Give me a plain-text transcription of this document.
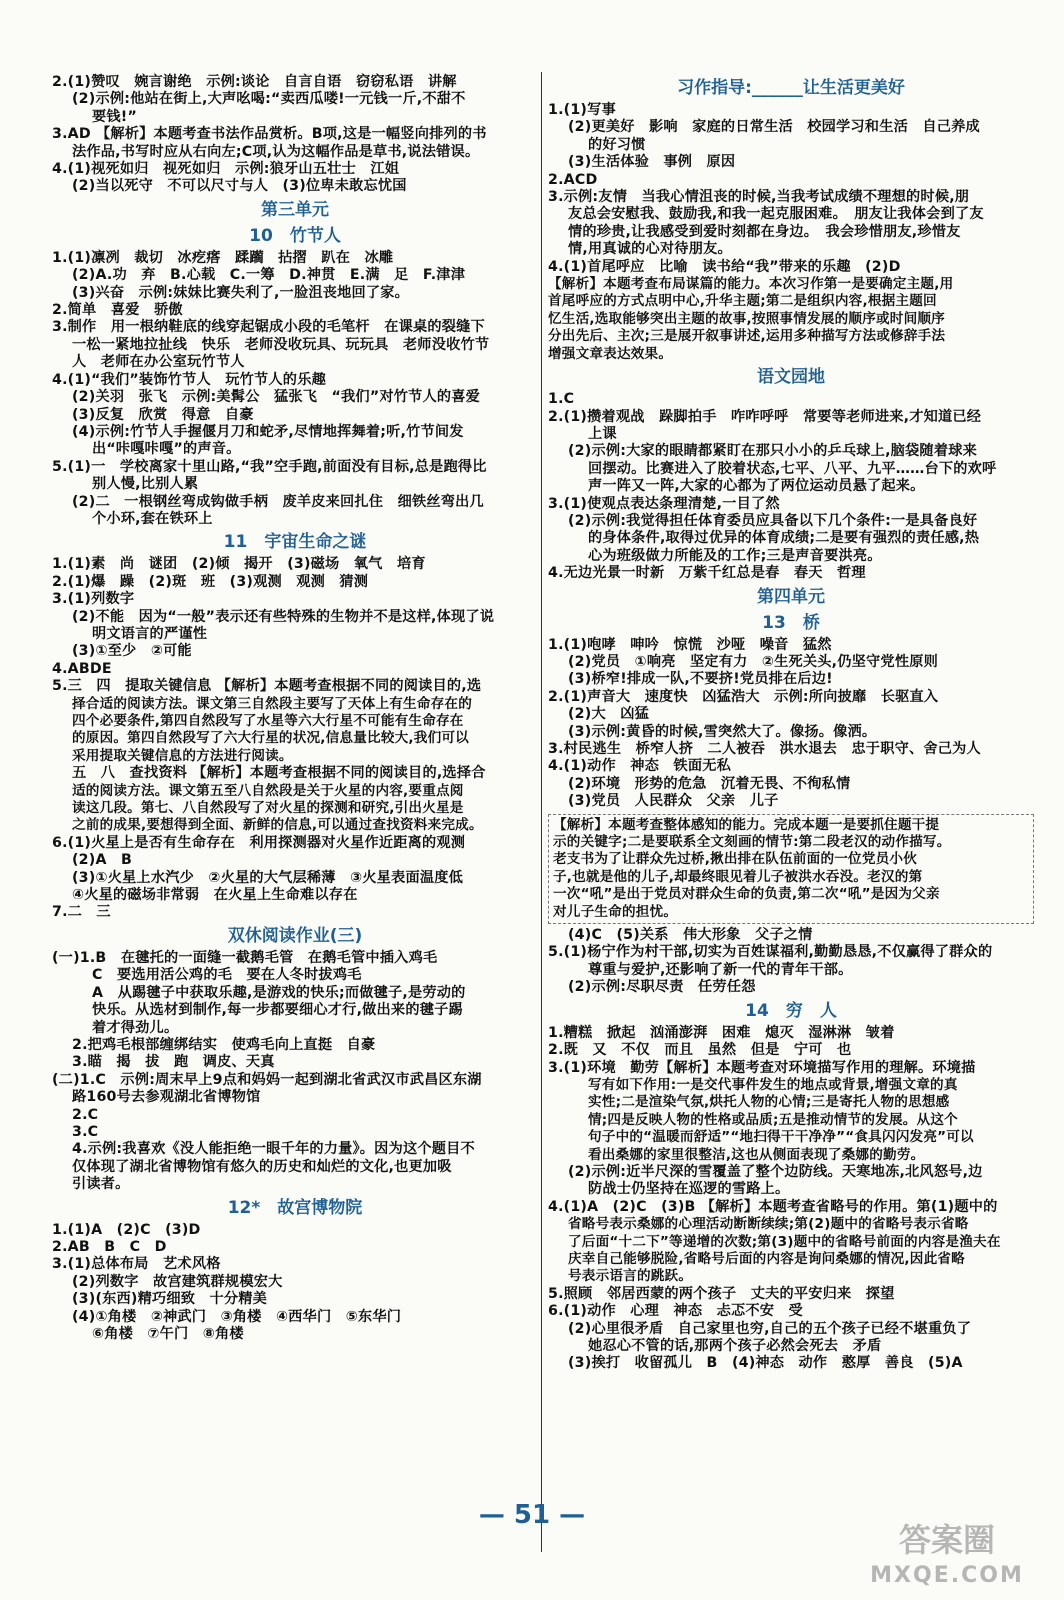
2.(1)赞叹　婉言谢绝　示例:谈论　自言自语　窃窃私语　讲解
(2)示例:他站在街上,大声吆喝:“卖西瓜喽!一元钱一斤,不甜不
要钱!”
3.AD 【解析】本题考查书法作品赏析。B项,这是一幅竖向排列的书
法作品,书写时应从右向左;C项,认为这幅作品是草书,说法错误。
4.(1)视死如归　视死如归　示例:狼牙山五壮士　江姐
(2)当以死守　不可以尺寸与人　(3)位卑未敢忘忧国
第三单元
10　竹节人
1.(1)凛冽　裁切　冰疙瘩　蹂躏　拈摺　趴在　冰雕
(2)A.功　弃　B.心载　C.一筹　D.神贯　E.满　足　F.津津
(3)兴奋　示例:妹妹比赛失利了,一脸沮丧地回了家。
2.简单　喜爱　骄傲
3.制作　用一根纳鞋底的线穿起锯成小段的毛笔杆　在课桌的裂缝下
一松一紧地拉扯线　快乐　老师没收玩具、玩玩具　老师没收竹节
人　老师在办公室玩竹节人
4.(1)“我们”装饰竹节人　玩竹节人的乐趣
(2)关羽　张飞　示例:美髯公　猛张飞　“我们”对竹节人的喜爱
(3)反复　欣赏　得意　自豪
(4)示例:竹节人手握偃月刀和蛇矛,尽情地挥舞着;听,竹节间发
出“咔嘎咔嘎”的声音。
5.(1)一　学校离家十里山路,“我”空手跑,前面没有目标,总是跑得比
别人慢,比别人累
(2)二　一根钢丝弯成钩做手柄　废羊皮来回扎住　细铁丝弯出几
个小环,套在铁环上
11　宇宙生命之谜
1.(1)素　尚　谜团　(2)倾　揭开　(3)磁场　氧气　培育
2.(1)爆　躁　(2)斑　班　(3)观测　观测　猜测
3.(1)列数字
(2)不能　因为“一般”表示还有些特殊的生物并不是这样,体现了说
明文语言的严谨性
(3)①至少　②可能
4.ABDE
5.三　四　提取关键信息 【解析】本题考查根据不同的阅读目的,选
择合适的阅读方法。课文第三自然段主要写了天体上有生命存在的
四个必要条件,第四自然段写了水星等六大行星不可能有生命存在
的原因。第四自然段写了六大行星的状况,信息量比较大,我们可以
采用提取关键信息的方法进行阅读。
五　八　查找资料 【解析】本题考查根据不同的阅读目的,选择合
适的阅读方法。课文第五至八自然段是关于火星的内容,要重点阅
读这几段。第七、八自然段写了对火星的探测和研究,引出火星是
之前的成果,要想得到全面、新鲜的信息,可以通过查找资料来完成。
6.(1)火星上是否有生命存在　利用探测器对火星作近距离的观测
(2)A　B
(3)①火星上水汽少　②火星的大气层稀薄　③火星表面温度低
④火星的磁场非常弱　在火星上生命难以存在
7.二　三
双休阅读作业(三)
(一)1.B　在毽托的一面缝一截鹅毛管　在鹅毛管中插入鸡毛
C　要选用活公鸡的毛　要在人冬时拔鸡毛
A　从踢毽子中获取乐趣,是游戏的快乐;而做毽子,是劳动的
快乐。从选材到制作,每一步都要细心才行,做出来的毽子踢
着才得劲儿。
2.把鸡毛根部缠绑结实　使鸡毛向上直挺　自豪
3.瞄　揭　拔　跑　调皮、天真
(二)1.C　示例:周末早上9点和妈妈一起到湖北省武汉市武昌区东湖
路160号去参观湖北省博物馆
2.C
3.C
4.示例:我喜欢《没人能拒绝一眼千年的力量》。因为这个题目不
仅体现了湖北省博物馆有悠久的历史和灿烂的文化,也更加吸
引读者。
12*　故宫博物院
1.(1)A　(2)C　(3)D
2.AB　B　C　D
3.(1)总体布局　艺术风格
(2)列数字　故宫建筑群规模宏大
(3)(东西)精巧细致　十分精美
(4)①角楼　②神武门　③角楼　④西华门　⑤东华门
⑥角楼　⑦午门　⑧角楼
习作指导:______让生活更美好
1.(1)写事
(2)更美好　影响　家庭的日常生活　校园学习和生活　自己养成
的好习惯
(3)生活体验　事例　原因
2.ACD
3.示例:友情　当我心情沮丧的时候,当我考试成绩不理想的时候,朋
友总会安慰我、鼓励我,和我一起克服困难。　朋友让我体会到了友
情的珍贵,让我感受到爱时刻都在身边。　我会珍惜朋友,珍惜友
情,用真诚的心对待朋友。
4.(1)首尾呼应　比喻　读书给“我”带来的乐趣　(2)D
【解析】本题考查布局谋篇的能力。本次习作第一是要确定主题,用
首尾呼应的方式点明中心,升华主题;第二是组织内容,根据主题回
忆生活,选取能够突出主题的故事,按照事情发展的顺序或时间顺序
分出先后、主次;三是展开叙事讲述,运用多种描写方法或修辞手法
增强文章表达效果。
语文园地
1.C
2.(1)攒着观战　跺脚拍手　咋咋呼呼　常要等老师进来,才知道已经
上课
(2)示例:大家的眼睛都紧盯在那只小小的乒乓球上,脑袋随着球来
回摆动。比赛进入了胶着状态,七平、八平、九平……台下的欢呼
声一阵又一阵,大家的心都为了两位运动员悬了起来。
3.(1)使观点表达条理清楚,一目了然
(2)示例:我觉得担任体育委员应具备以下几个条件:一是具备良好
的身体条件,取得过优异的体育成绩;二是要有强烈的责任感,热
心为班级做力所能及的工作;三是声音要洪亮。
4.无边光景一时新　万紫千红总是春　春天　哲理
第四单元
13　桥
1.(1)咆哮　呻吟　惊慌　沙哑　噪音　猛然
(2)党员　①响亮　坚定有力　②生死关头,仍坚守党性原则
(3)桥窄!排成一队,不要挤!党员排在后边!
2.(1)声音大　速度快　凶猛浩大　示例:所向披靡　长驱直入
(2)大　凶猛
(3)示例:黄昏的时候,雪突然大了。像扬。像洒。
3.村民逃生　桥窄人挤　二人被吞　洪水退去　忠于职守、舍己为人
4.(1)动作　神态　铁面无私
(2)环境　形势的危急　沉着无畏、不徇私情
(3)党员　人民群众　父亲　儿子
【解析】本题考查整体感知的能力。完成本题一是要抓住题干提
示的关键字;二是要联系全文刻画的情节:第二段老汉的动作描写。
老支书为了让群众先过桥,揪出排在队伍前面的一位党员小伙
子,也就是他的儿子,却最终眼见着儿子被洪水吞没。老汉的第
一次“吼”是出于党员对群众生命的负责,第二次“吼”是因为父亲
对儿子生命的担忧。
(4)C　(5)关系　伟大形象　父子之情
5.(1)杨宁作为村干部,切实为百姓谋福利,勤勤恳恳,不仅赢得了群众的
尊重与爱护,还影响了新一代的青年干部。
(2)示例:尽职尽责　任劳任怨
14　穷　人
1.糟糕　掀起　汹涌澎湃　困难　熄灭　湿淋淋　皱着
2.既　又　不仅　而且　虽然　但是　宁可　也
3.(1)环境　勤劳【解析】本题考查对环境描写作用的理解。环境描
写有如下作用:一是交代事件发生的地点或背景,增强文章的真
实性;二是渲染气氛,烘托人物的心情;三是寄托人物的思想感
情;四是反映人物的性格或品质;五是推动情节的发展。从这个
句子中的“温暖而舒适”“地扫得干干净净”“食具闪闪发亮”可以
看出桑娜的家里很整洁,这也从侧面表现了桑娜的勤劳。
(2)示例:近半尺深的雪覆盖了整个边防线。天寒地冻,北风怒号,边
防战士仍坚持在巡逻的雪路上。
4.(1)A　(2)C　(3)B 【解析】本题考查省略号的作用。第(1)题中的
省略号表示桑娜的心理活动断断续续;第(2)题中的省略号表示省略
了后面“十二下”等递增的次数;第(3)题中的省略号前面的内容是渔夫在
庆幸自己能够脱险,省略号后面的内容是询问桑娜的情况,因此省略
号表示语言的跳跃。
5.照顾　邻居西蒙的两个孩子　丈夫的平安归来　探望
6.(1)动作　心理　神态　忐忑不安　受
(2)心里很矛盾　自己家里也穷,自己的五个孩子已经不堪重负了
她忍心不管的话,那两个孩子必然会死去　矛盾
(3)挨打　收留孤儿　B　(4)神态　动作　憨厚　善良　(5)A
— 51 —
答案圈
MXQE.COM
